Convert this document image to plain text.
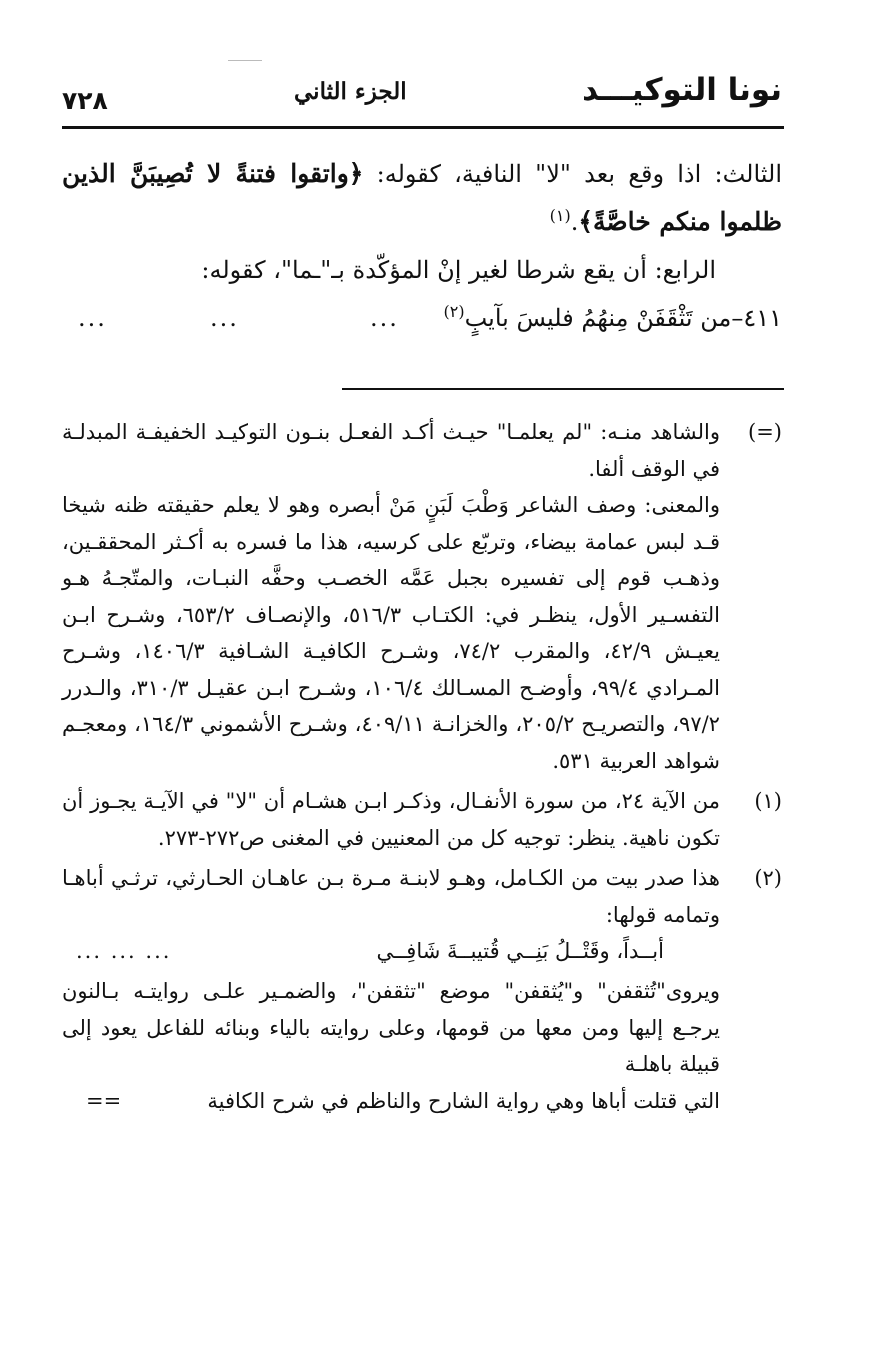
نونا التوكيـــد
الجزء الثاني
٧٢٨

الثالث: اذا وقع بعد "لا" النافية، كقوله: ﴿واتقوا فتنةً لا تُصِيبَنَّ الذين ظلموا منكم خاصَّةً﴾.$^{(١)}$

الرابع: أن يقع شرطا لغير إنْ المؤكّدة بـ"ـما"، كقوله:

٤١١–من تَثْقَفَنْ مِنهُمُ فليسَ بآيبٍ$^{(٢)}$
...
...
...
(=)

والشاهد منـه: "لم يعلمـا" حيـث أكـد الفعـل بنـون التوكيـد الخفيفـة المبدلـة في الوقف ألفا.

والمعنى: وصف الشاعر وَطْبَ لَبَنٍ مَنْ أبصره وهو لا يعلم حقيقته ظنه شيخا قـد لبس عمامة بيضاء، وتربّع على كرسيه، هذا ما فسره به أكـثر المحققـين، وذهـب قوم إلى تفسيره بجبل عَمَّه الخصـب وحفَّه النبـات، والمتّجـهُ هـو التفسـير الأول، ينظـر في: الكتـاب ٥١٦/٣، والإنصـاف ٦٥٣/٢، وشـرح ابـن يعيـش ٤٢/٩، والمقرب ٧٤/٢، وشـرح الكافيـة الشـافية ١٤٠٦/٣، وشـرح المـرادي ٩٩/٤، وأوضـح المسـالك ١٠٦/٤، وشـرح ابـن عقيـل ٣١٠/٣، والـدرر ٩٧/٢، والتصريـح ٢٠٥/٢، والخزانـة ٤٠٩/١١، وشـرح الأشموني ١٦٤/٣، ومعجـم شواهد العربية ٥٣١.

(١)

من الآية ٢٤، من سورة الأنفـال، وذكـر ابـن هشـام أن "لا" في الآيـة يجـوز أن تكون ناهية. ينظر: توجيه كل من المعنيين في المغنى ص٢٧٢-٢٧٣.

(٢)

هذا صدر بيت من الكـامل، وهـو لابنـة مـرة بـن عاهـان الحـارثي، ترثـي أباهـا وتمامه قولها:

أبــداً، وقَتْــلُ بَنِــي قُتيبــةَ شَافِــي
... ... ...

ويروى"تُثقفن" و"يُثقفن" موضع "تثقفن"، والضمـير علـى روايتـه بـالنون يرجـع إليها ومن معها من قومها، وعلى روايته بالياء وبنائه للفاعل يعود إلى قبيلة باهلـة

التي قتلت أباها وهي رواية الشارح والناظم في شرح الكافية
==
